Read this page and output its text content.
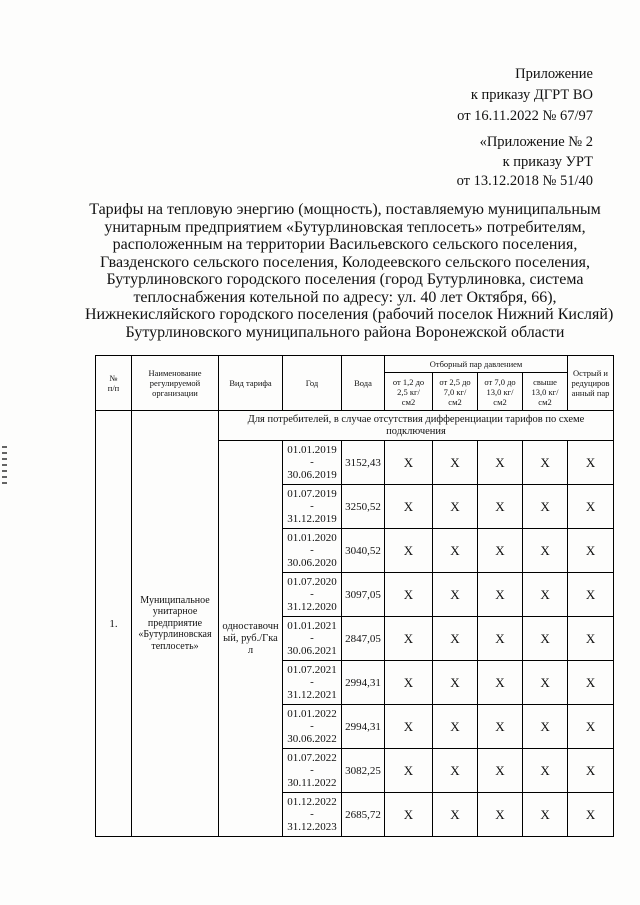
Приложение
к приказу ДГРТ ВО
от 16.11.2022 № 67/97
«Приложение № 2
к приказу УРТ
от 13.12.2018 № 51/40
Тарифы на тепловую энергию (мощность), поставляемую муниципальным
унитарным предприятием «Бутурлиновская теплосеть» потребителям,
расположенным на территории Васильевского сельского поселения,
Гвазденского сельского поселения, Колодеевского сельского поселения,
Бутурлиновского городского поселения (город Бутурлиновка, система
теплоснабжения котельной по адресу: ул. 40 лет Октября, 66),
Нижнекисляйского городского поселения (рабочий поселок Нижний Кисляй)
Бутурлиновского муниципального района Воронежской области
№ п/п	Наименование регулируемой организации	Вид тарифа	Год	Вода	Отборный пар давлением				Острый и редуцированный пар

					от 1,2 до 2,5 кг/см2	от 2,5 до 7,0 кг/см2	от 7,0 до 13,0 кг/см2	свыше 13,0 кг/см2	

1.	Муниципальное унитарное предприятие «Бутурлиновская теплосеть»	Для потребителей, в случае отсутствия дифференциации тарифов по схеме подключения							
		одноставочный, руб./Гкал	01.01.2019
-
30.06.2019	3152,43	X	X	X	X	X

			01.07.2019
-
31.12.2019	3250,52	X	X	X	X	X

			01.01.2020
-
30.06.2020	3040,52	X	X	X	X	X

			01.07.2020
-
31.12.2020	3097,05	X	X	X	X	X

			01.01.2021
-
30.06.2021	2847,05	X	X	X	X	X

			01.07.2021
-
31.12.2021	2994,31	X	X	X	X	X

			01.01.2022
-
30.06.2022	2994,31	X	X	X	X	X

			01.07.2022
-
30.11.2022	3082,25	X	X	X	X	X

			01.12.2022
-
31.12.2023	2685,72	X	X	X	X	X
